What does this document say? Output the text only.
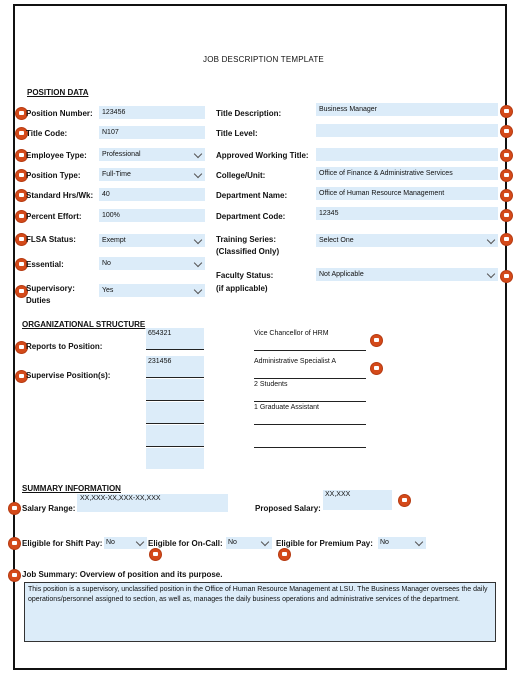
JOB DESCRIPTION TEMPLATE
POSITION DATA
Position Number:	123456
Title Code:	N107
Employee Type:	Professional
Position Type:	Full-Time
Standard Hrs/Wk:	40
Percent Effort:	100%
FLSA Status:	Exempt
Essential:	No
Supervisory:
Duties
Yes
Title Description:	Business Manager
Title Level:
Approved Working Title:
College/Unit:	Office of Finance & Administrative Services
Department Name:	Office of Human Resource Management
Department Code:	12345
Training Series:
(Classified Only)
Select One
Faculty Status:
(if applicable)
Not Applicable
ORGANIZATIONAL STRUCTURE
Reports to Position:
654321	Vice Chancellor of HRM
Supervise Position(s):
231456	Administrative Specialist A
2 Students
1 Graduate Assistant
SUMMARY INFORMATION
Salary Range:
XX,XXX-XX,XXX-XX,XXX
Proposed Salary:
XX,XXX
Eligible for Shift Pay: No	Eligible for On-Call: No	Eligible for Premium Pay: No
Job Summary: Overview of position and its purpose.
This position is a supervisory, unclassified position in the Office of Human Resource Management at LSU. The Business Manager oversees the daily operations/personnel assigned to section, as well as, manages the daily business operations and administrative services of the department.
